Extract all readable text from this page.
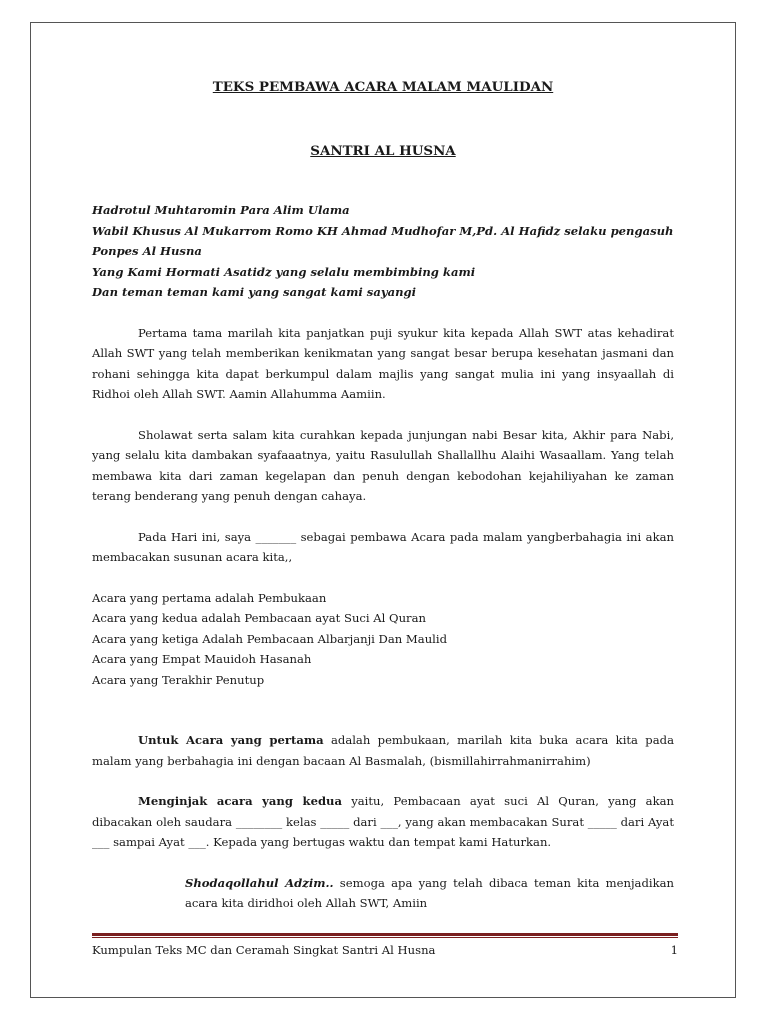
TEKS PEMBAWA ACARA MALAM MAULIDAN
SANTRI AL HUSNA
Hadrotul Muhtaromin Para Alim Ulama
Wabil Khusus Al Mukarrom Romo KH Ahmad Mudhofar M,Pd. Al Hafidz selaku pengasuh
Ponpes Al Husna
Yang Kami Hormati Asatidz yang selalu membimbing kami
Dan teman teman kami yang sangat kami sayangi
Pertama tama marilah kita panjatkan puji syukur kita kepada Allah SWT atas kehadirat Allah SWT yang telah memberikan kenikmatan yang sangat besar berupa kesehatan jasmani dan rohani sehingga kita dapat berkumpul dalam majlis yang sangat mulia ini yang insyaallah di Ridhoi oleh Allah SWT. Aamin Allahumma Aamiin.
Sholawat serta salam kita curahkan kepada junjungan nabi Besar kita, Akhir para Nabi, yang selalu kita dambakan syafaaatnya, yaitu Rasulullah Shallallhu Alaihi Wasaallam. Yang telah membawa kita dari zaman kegelapan dan penuh dengan kebodohan kejahiliyahan ke zaman terang benderang yang penuh dengan cahaya.
Pada Hari ini, saya _______ sebagai pembawa Acara pada malam yangberbahagia ini akan membacakan susunan acara kita,,
Acara yang pertama adalah Pembukaan
Acara yang kedua adalah Pembacaan ayat Suci Al Quran
Acara yang ketiga Adalah Pembacaan Albarjanji Dan Maulid
Acara yang Empat Mauidoh Hasanah
Acara yang Terakhir Penutup
Untuk Acara yang pertama adalah pembukaan, marilah kita buka acara kita pada malam yang berbahagia ini dengan bacaan Al Basmalah, (bismillahirrahmanirrahim)
Menginjak acara yang kedua yaitu, Pembacaan ayat suci Al Quran, yang akan dibacakan oleh saudara ________ kelas _____ dari ___, yang akan membacakan Surat _____ dari Ayat ___ sampai Ayat ___. Kepada yang bertugas waktu dan tempat kami Haturkan.
Shodaqollahul Adzim.. semoga apa yang telah dibaca teman kita menjadikan acara kita diridhoi oleh Allah SWT, Amiin
Kumpulan Teks MC dan Ceramah Singkat Santri Al Husna	1
